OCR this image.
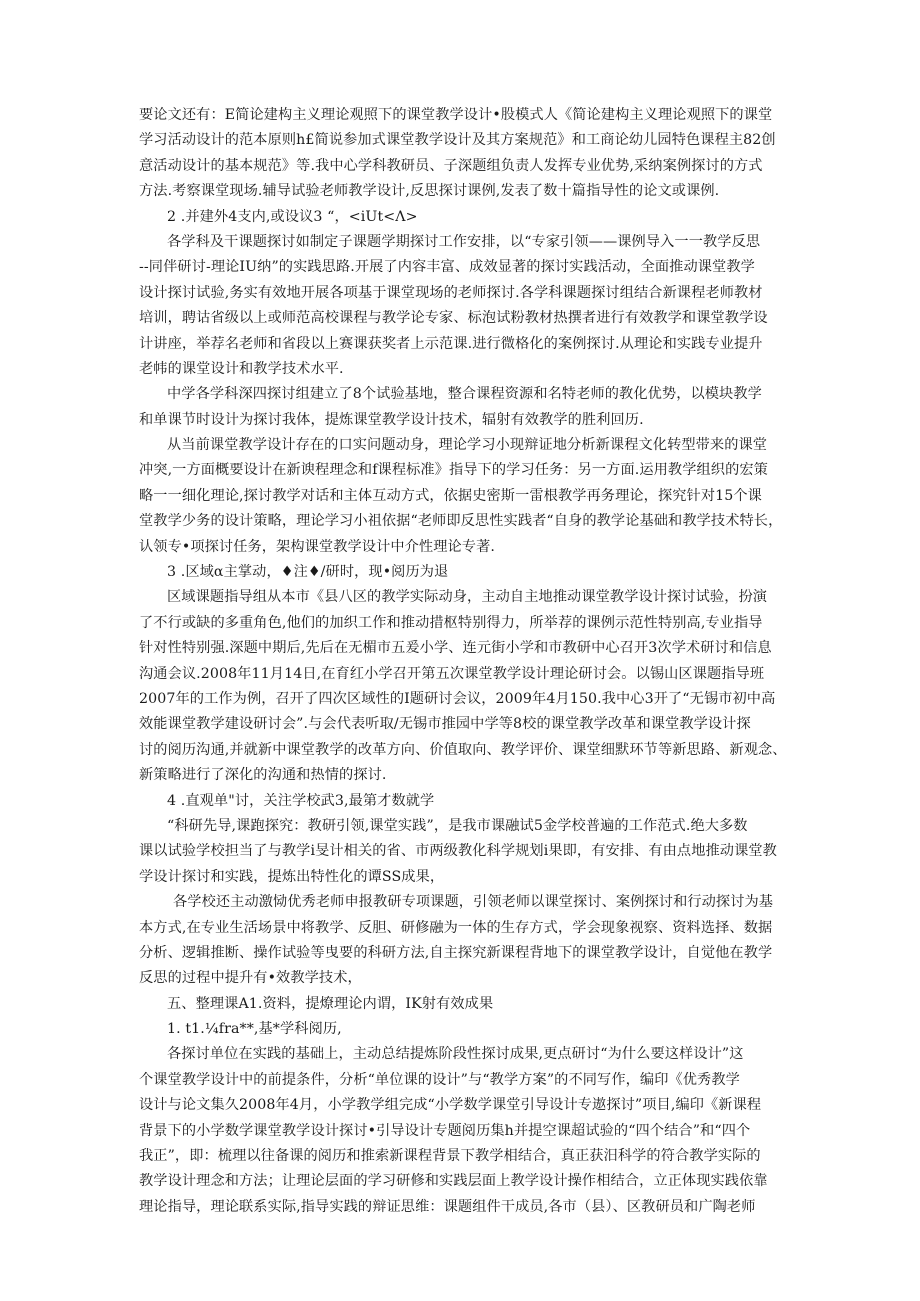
要论文还有：E简论建构主义理论观照下的课堂教学设计•股模式人《简论建构主义理论观照下的课堂
学习活动设计的范本原则h£简说参加式课堂教学设计及其方案规范》和工商论幼儿园特色课程主82创
意活动设计的基本规范》等.我中心学科教研员、子深题组负责人发挥专业优势,采纳案例探讨的方式
方法.考察课堂现场.辅导试验老师教学设计,反思探讨课例,发表了数十篇指导性的论文或课例.
2 .并建外4支内,或设议3 “，<iUt<Λ>
各学科及干课题探讨如制定子课题学期探讨工作安排，以“专家引领——课例导入一一教学反思
--同伴研讨-理论IU纳”的实践思路.开展了内容丰富、成效显著的探讨实践活动，全面推动课堂教学
设计探讨试验,务实有效地开展各项基于课堂现场的老师探讨.各学科课题探讨组结合新课程老师教材
培训，聘诂省级以上或师范高校课程与教学论专家、标泡试粉教材热撰者进行有效教学和课堂教学设
计讲座，举荐名老师和省段以上赛课获奖者上示范课.进行微格化的案例探讨.从理论和实践专业提升
老帏的课堂设计和教学技术水平.
中学各学科深四探讨组建立了8个试验基地，整合课程资源和名特老师的教化优势，以模块教学
和单课节时设计为探讨我体，提炼课堂教学设计技术，辐射有效教学的胜利回历.
从当前课堂教学设计存在的口实问题动身，理论学习小现辩证地分析新课程文化转型带来的课堂
冲突,一方面概要设计在新谀程理念和f课程标准》指导下的学习任务：另一方面.运用教学组织的宏策
略一一细化理论,探讨教学对话和主体互动方式，依据史密斯一雷根教学再务理论，探究针对15个课
堂教学少务的设计策略，理论学习小祖依据“老师即反思性实践者“自身的教学论基础和教学技术特长，
认领专•项探讨任务，架构课堂教学设计中介性理论专著.
3 .区域α主掌动，♦注♦/研时，现•阅历为退
区域课题指导组从本市《县八区的教学实际动身，主动自主地推动课堂教学设计探讨试验，扮演
了不行或缺的多重角色,他们的加织工作和推动措枢特别得力，所举荐的课例示范性特别高,专业指导
针对性特别强.深题中期后,先后在无楣市五爰小学、连元街小学和市教研中心召开3次学术研讨和信息
沟通会议.2008年11月14日,在育红小学召开第五次课堂教学设计理论研讨会。以锡山区课题指导班
2007年的工作为例，召开了四次区域性的I题研讨会议，2009年4月150.我中心3开了“无锡市初中高
效能课堂教学建设研讨会”.与会代表听取/无锡市推园中学等8校的课堂教学改革和课堂教学设计探
讨的阅历沟通,并就新中课堂教学的改革方向、价值取向、教学评价、课堂细默环节等新思路、新观念、
新策略进行了深化的沟通和热情的探讨.
4 .直观单"讨，关注学校武3,最第才数就学
“科研先导,课跑探究：教研引领,课堂实践”，是我市课融试5金学校普遍的工作范式.绝大多数
课以试验学校担当了与教学i旻计相关的省、市两级教化科学规划i果即，有安排、有由点地推动课堂教
学设计探讨和实践，提炼出特性化的谭SS成果，
各学校还主动激恸优秀老师申报教研专项课题，引领老师以课堂探讨、案例探讨和行动探讨为基
本方式,在专业生活场景中将教学、反胆、研修融为一体的生存方式，学会现象视察、资料选择、数据
分析、逻辑推断、操作试验等曳要的科研方法,自主探究新课程背地下的课堂教学设计，自觉他在教学
反思的过程中提升有•效教学技术，
五、整理课A1.资料，提燎理论内谓，IK射有效成果
1. t1.¼fra**,基*学科阅历,
各探讨单位在实践的基础上，主动总结提炼阶段性探讨成果,更点研讨“为什么要这样设计”这
个课堂教学设计中的前提条件，分析“单位课的设计”与“教学方案”的不同写作，编印《优秀教学
设计与论文集久2008年4月，小学教学组完成“小学数学课堂引导设计专遨探讨”项目,编印《新课程
背景下的小学数学课堂教学设计探讨•引导设计专题阅历集h并提空课超试验的“四个结合”和“四个
我正”，即：梳理以往备课的阅历和推索新课程背景下教学相结合，真正获汨科学的符合教学实际的
教学设计理念和方法；让理论层面的学习研修和实践层面上教学设计操作相结合，立正体现实践依靠
理论指导，理论联系实际,指导实践的辩证思维：课题组件干成员,各市（县）、区教研员和广陶老师
